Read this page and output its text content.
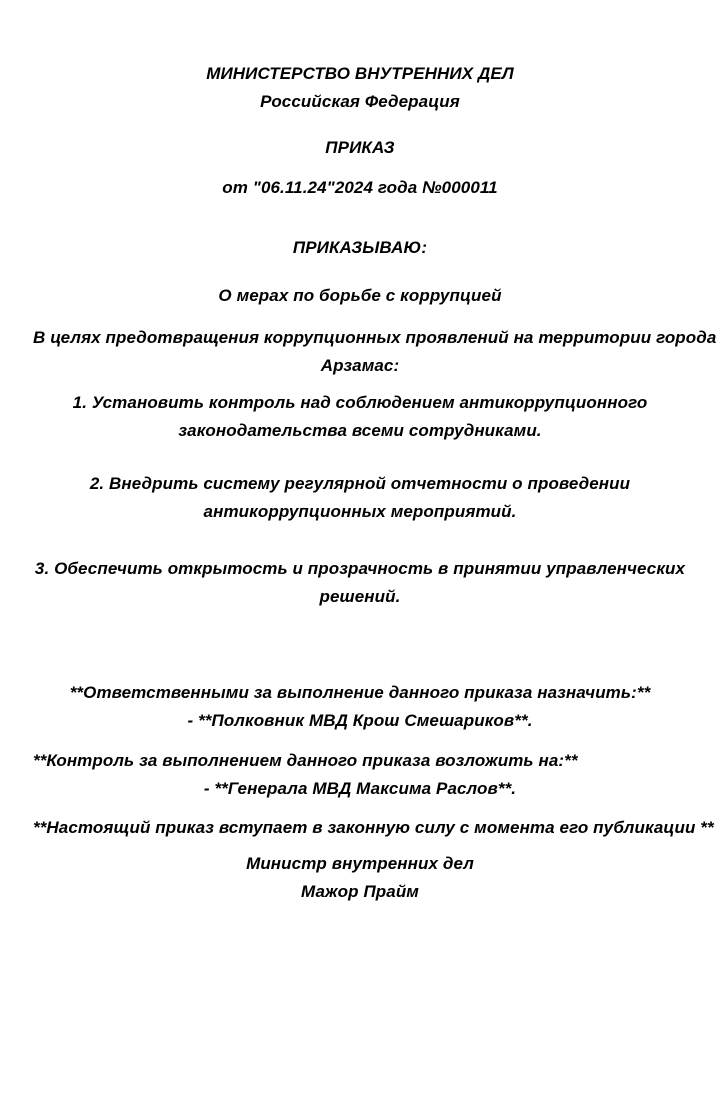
МИНИСТЕРСТВО ВНУТРЕННИХ ДЕЛ
Российская Федерация
ПРИКАЗ
от "06.11.24"2024 года №000011
ПРИКАЗЫВАЮ:
О мерах по борьбе с коррупцией
В целях предотвращения коррупционных проявлений на территории города
Арзамас:
1. Установить контроль над соблюдением антикоррупционного
законодательства всеми сотрудниками.
2. Внедрить систему регулярной отчетности о проведении
антикоррупционных мероприятий.
3. Обеспечить открытость и прозрачность в принятии управленческих
решений.
**Ответственными за выполнение данного приказа назначить:**
- **Полковник МВД Крош Смешариков**.
**Контроль за выполнением данного приказа возложить на:**
- **Генерала МВД Максима Раслов**.
**Настоящий приказ вступает в законную силу с момента его публикации **
Министр внутренних дел
Мажор Прайм
